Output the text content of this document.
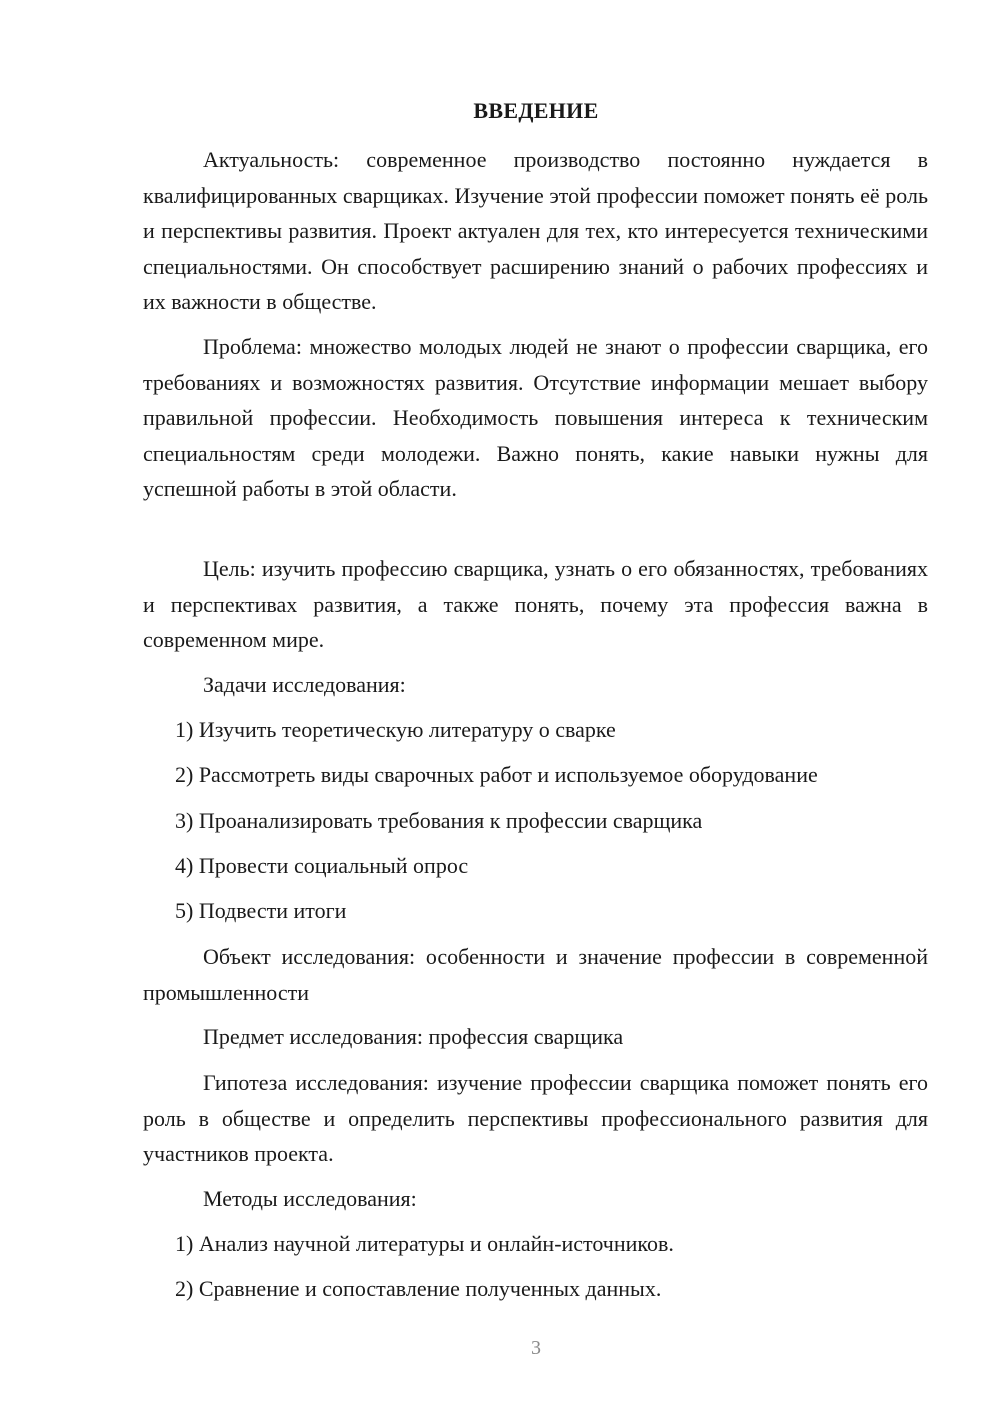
ВВЕДЕНИЕ

Актуальность: современное производство постоянно нуждается в квалифицированных сварщиках. Изучение этой профессии поможет понять её роль и перспективы развития. Проект актуален для тех, кто интересуется техническими специальностями. Он способствует расширению знаний о рабочих профессиях и их важности в обществе.

Проблема: множество молодых людей не знают о профессии сварщика, его требованиях и возможностях развития. Отсутствие информации мешает выбору правильной профессии. Необходимость повышения интереса к техническим специальностям среди молодежи. Важно понять, какие навыки нужны для успешной работы в этой области.

Цель: изучить профессию сварщика, узнать о его обязанностях, требованиях и перспективах развития, а также понять, почему эта профессия важна в современном мире.

Задачи исследования:

1) Изучить теоретическую литературу о сварке

2) Рассмотреть виды сварочных работ и используемое оборудование

3) Проанализировать требования к профессии сварщика

4) Провести социальный опрос

5) Подвести итоги

Объект исследования: особенности и значение профессии в современной промышленности

Предмет исследования: профессия сварщика

Гипотеза исследования: изучение профессии сварщика поможет понять его роль в обществе и определить перспективы профессионального развития для участников проекта.

Методы исследования:

1) Анализ научной литературы и онлайн-источников.

2) Сравнение и сопоставление полученных данных.

3
